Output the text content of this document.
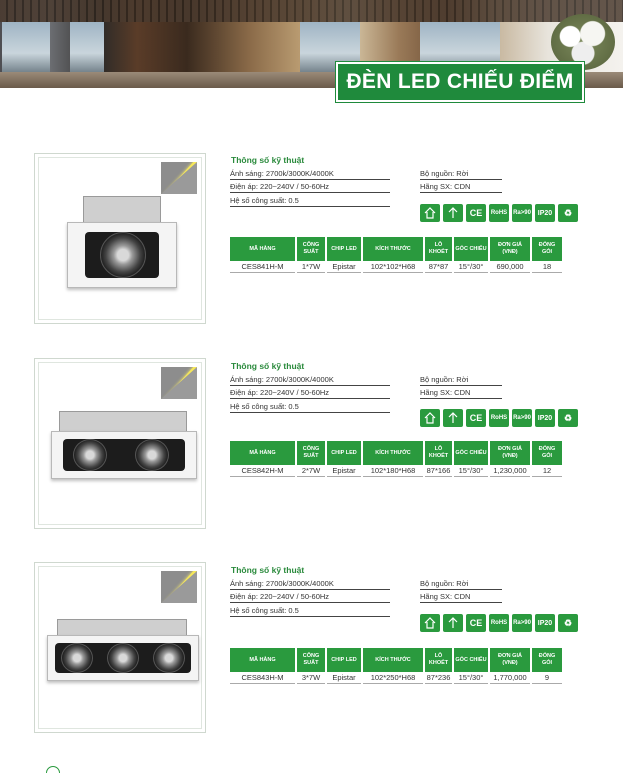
ĐÈN LED CHIẾU ĐIỂM
Thông số kỹ thuật
Ánh sáng: 2700k/3000K/4000K
Điện áp: 220~240V / 50-60Hz
Hệ số công suất: 0.5
Bộ nguồn: Rời
Hãng SX: CDN
CE	RoHS Ra>90 IP20	♻
MÃ HÀNG	CÔNG SUẤT	CHIP LED	KÍCH THƯỚC	LỖ KHOÉT	GÓC CHIẾU	ĐƠN GIÁ (VNĐ)	ĐÓNG GÓI
CES841H-M	1*7W	Epistar	102*102*H68	87*87	15°/30°	690,000	18
Thông số kỹ thuật
Ánh sáng: 2700k/3000K/4000K
Điện áp: 220~240V / 50-60Hz
Hệ số công suất: 0.5
Bộ nguồn: Rời
Hãng SX: CDN
CE	RoHS Ra>90 IP20	♻
MÃ HÀNG	CÔNG SUẤT	CHIP LED	KÍCH THƯỚC	LỖ KHOÉT	GÓC CHIẾU	ĐƠN GIÁ (VNĐ)	ĐÓNG GÓI
CES842H-M	2*7W	Epistar	102*180*H68	87*166	15°/30°	1,230,000	12
Thông số kỹ thuật
Ánh sáng: 2700k/3000K/4000K
Điện áp: 220~240V / 50-60Hz
Hệ số công suất: 0.5
Bộ nguồn: Rời
Hãng SX: CDN
CE	RoHS Ra>90 IP20	♻
MÃ HÀNG	CÔNG SUẤT	CHIP LED	KÍCH THƯỚC	LỖ KHOÉT	GÓC CHIẾU	ĐƠN GIÁ (VNĐ)	ĐÓNG GÓI
CES843H-M	3*7W	Epistar	102*250*H68	87*236	15°/30°	1,770,000	9
